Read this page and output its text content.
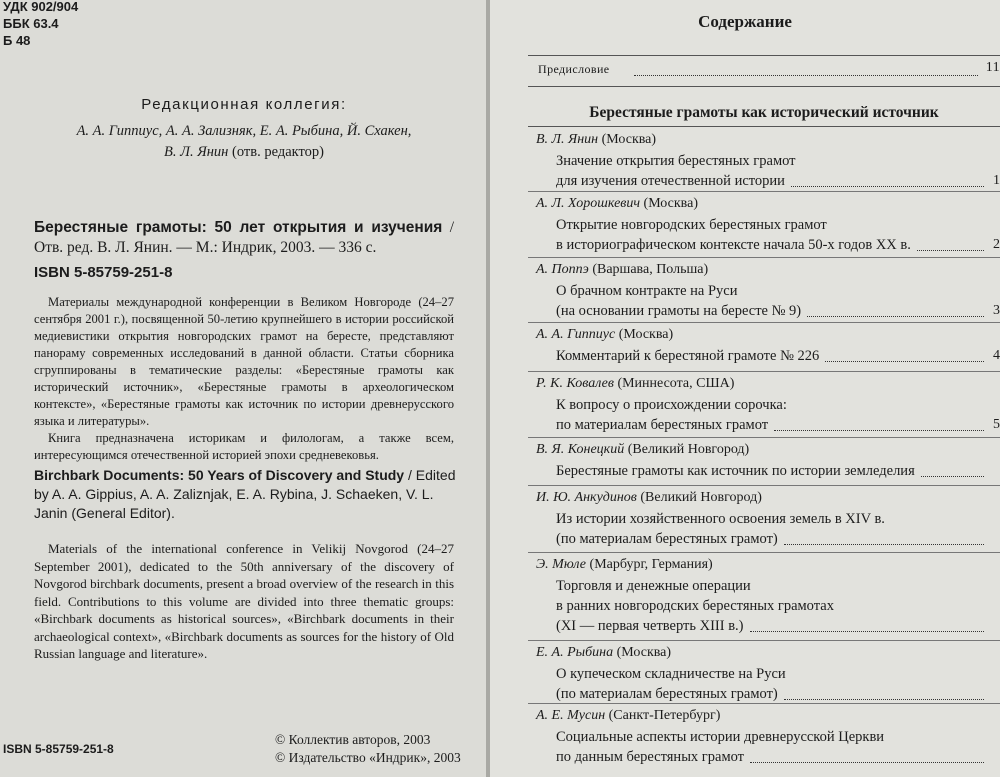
УДК 902/904
ББК 63.4
Б 48
Редакционная коллегия:
А. А. Гиппиус, А. А. Зализняк, Е. А. Рыбина, Й. Схакен,
В. Л. Янин (отв. редактор)
Берестяные грамоты: 50 лет открытия и изучения / Отв. ред. В. Л. Янин. — М.: Индрик, 2003. — 336 с.
ISBN 5-85759-251-8

Материалы международной конференции в Великом Новгороде (24–27 сентября 2001 г.), посвященной 50-летию крупнейшего в истории российской медиевистики открытия новгородских грамот на бересте, представляют панораму современных исследований в данной области. Статьи сборника сгруппированы в тематические разделы: «Берестяные грамоты как исторический источник», «Берестяные грамоты в археологическом контексте», «Берестяные грамоты как источник по истории древнерусского языка и литературы».

Книга предназначена историкам и филологам, а также всем, интересующимся отечественной историей эпохи средневековья.

Birchbark Documents: 50 Years of Discovery and Study / Edited by A. A. Gippius, A. A. Zaliznjak, E. A. Rybina, J. Schaeken, V. L. Janin (General Editor).

Materials of the international conference in Velikij Novgorod (24–27 September 2001), dedicated to the 50th anniversary of the discovery of Novgorod birchbark documents, present a broad overview of the research in this field. Contributions to this volume are divided into three thematic groups: «Birchbark documents as historical sources», «Birchbark documents in their archaeological context», «Birchbark documents as sources for the history of Old Russian language and literature».

ISBN 5-85759-251-8
© Коллектив авторов, 2003
© Издательство «Индрик», 2003
Содержание
Предисловие	11
Берестяные грамоты как исторический источник
В. Л. Янин (Москва)
Значение открытия берестяных грамот
для изучения отечественной истории	1
А. Л. Хорошкевич (Москва)
Открытие новгородских берестяных грамот
в историографическом контексте начала 50-х годов XX в.	2
А. Поппэ (Варшава, Польша)
О брачном контракте на Руси
(на основании грамоты на бересте № 9)	3
А. А. Гиппиус (Москва)
Комментарий к берестяной грамоте № 226	4
Р. К. Ковалев (Миннесота, США)
К вопросу о происхождении сорочка:
по материалам берестяных грамот	5
В. Я. Конецкий (Великий Новгород)
Берестяные грамоты как источник по истории земледелия
И. Ю. Анкудинов (Великий Новгород)
Из истории хозяйственного освоения земель в XIV в.
(по материалам берестяных грамот)
Э. Мюле (Марбург, Германия)
Торговля и денежные операции
в ранних новгородских берестяных грамотах
(XI — первая четверть XIII в.)
Е. А. Рыбина (Москва)
О купеческом складничестве на Руси
(по материалам берестяных грамот)
А. Е. Мусин (Санкт-Петербург)
Социальные аспекты истории древнерусской Церкви
по данным берестяных грамот
